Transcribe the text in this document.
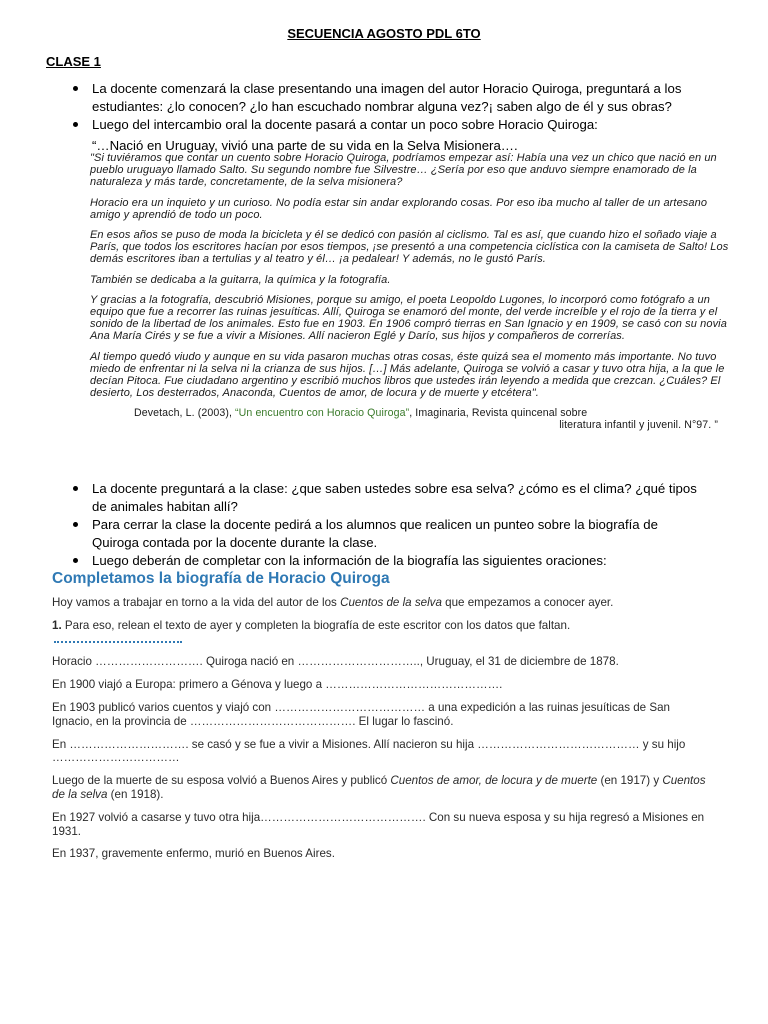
SECUENCIA AGOSTO PDL 6TO
CLASE 1
La docente comenzará la clase presentando una imagen del autor Horacio Quiroga, preguntará a los estudiantes: ¿lo conocen? ¿lo han escuchado nombrar alguna vez?¡ saben algo de él y sus obras?
Luego del intercambio oral la docente pasará a contar un poco sobre Horacio Quiroga:
“…Nació en Uruguay, vivió una parte de su vida en la Selva Misionera….

"Si tuviéramos que contar un cuento sobre Horacio Quiroga, podríamos empezar así: Había una vez un chico que nació en un pueblo uruguayo llamado Salto. Su segundo nombre fue Silvestre… ¿Sería por eso que anduvo siempre enamorado de la naturaleza y más tarde, concretamente, de la selva misionera?

Horacio era un inquieto y un curioso. No podía estar sin andar explorando cosas. Por eso iba mucho al taller de un artesano amigo y aprendió de todo un poco.

En esos años se puso de moda la bicicleta y él se dedicó con pasión al ciclismo. Tal es así, que cuando hizo el soñado viaje a París, que todos los escritores hacían por esos tiempos, ¡se presentó a una competencia ciclística con la camiseta de Salto! Los demás escritores iban a tertulias y al teatro y él… ¡a pedalear! Y además, no le gustó París.

También se dedicaba a la guitarra, la química y la fotografía.

Y gracias a la fotografía, descubrió Misiones, porque su amigo, el poeta Leopoldo Lugones, lo incorporó como fotógrafo a un equipo que fue a recorrer las ruinas jesuíticas. Allí, Quiroga se enamoró del monte, del verde increíble y el rojo de la tierra y el sonido de la libertad de los animales. Esto fue en 1903. En 1906 compró tierras en San Ignacio y en 1909, se casó con su novia Ana María Cirés y se fue a vivir a Misiones. Allí nacieron Eglé y Darío, sus hijos y compañeros de correrías.

Al tiempo quedó viudo y aunque en su vida pasaron muchas otras cosas, éste quizá sea el momento más importante. No tuvo miedo de enfrentar ni la selva ni la crianza de sus hijos. […] Más adelante, Quiroga se volvió a casar y tuvo otra hija, a la que le decían Pitoca. Fue ciudadano argentino y escribió muchos libros que ustedes irán leyendo a medida que crezcan. ¿Cuáles? El desierto, Los desterrados, Anaconda, Cuentos de amor, de locura y de muerte y etcétera".

Devetach, L. (2003), “Un encuentro con Horacio Quiroga”, Imaginaria, Revista quincenal sobre
literatura infantil y juvenil. N°97. ”

La docente preguntará a la clase: ¿que saben ustedes sobre esa selva? ¿cómo es el clima? ¿qué tipos de animales habitan allí?
Para cerrar la clase la docente pedirá a los alumnos que realicen un punteo sobre la biografía de Quiroga contada por la docente durante la clase.
Luego deberán de completar con la información de la biografía las siguientes oraciones:
Completamos la biografía de Horacio Quiroga

Hoy vamos a trabajar en torno a la vida del autor de los Cuentos de la selva que empezamos a conocer ayer.

1. Para eso, relean el texto de ayer y completen la biografía de este escritor con los datos que faltan.

Horacio ………………………. Quiroga nació en ………………………….., Uruguay, el 31 de diciembre de 1878.

En 1900 viajó a Europa: primero a Génova y luego a ……………………………………….

En 1903 publicó varios cuentos y viajó con ………………………………… a una expedición a las ruinas jesuíticas de San Ignacio, en la provincia de ……………………………………. El lugar lo fascinó.

En …………………………. se casó y se fue a vivir a Misiones. Allí nacieron su hija …………………………………… y su hijo ……………………………

Luego de la muerte de su esposa volvió a Buenos Aires y publicó Cuentos de amor, de locura y de muerte (en 1917) y Cuentos de la selva (en 1918).

En 1927 volvió a casarse y tuvo otra hija……………………………………. Con su nueva esposa y su hija regresó a Misiones en 1931.

En 1937, gravemente enfermo, murió en Buenos Aires.
